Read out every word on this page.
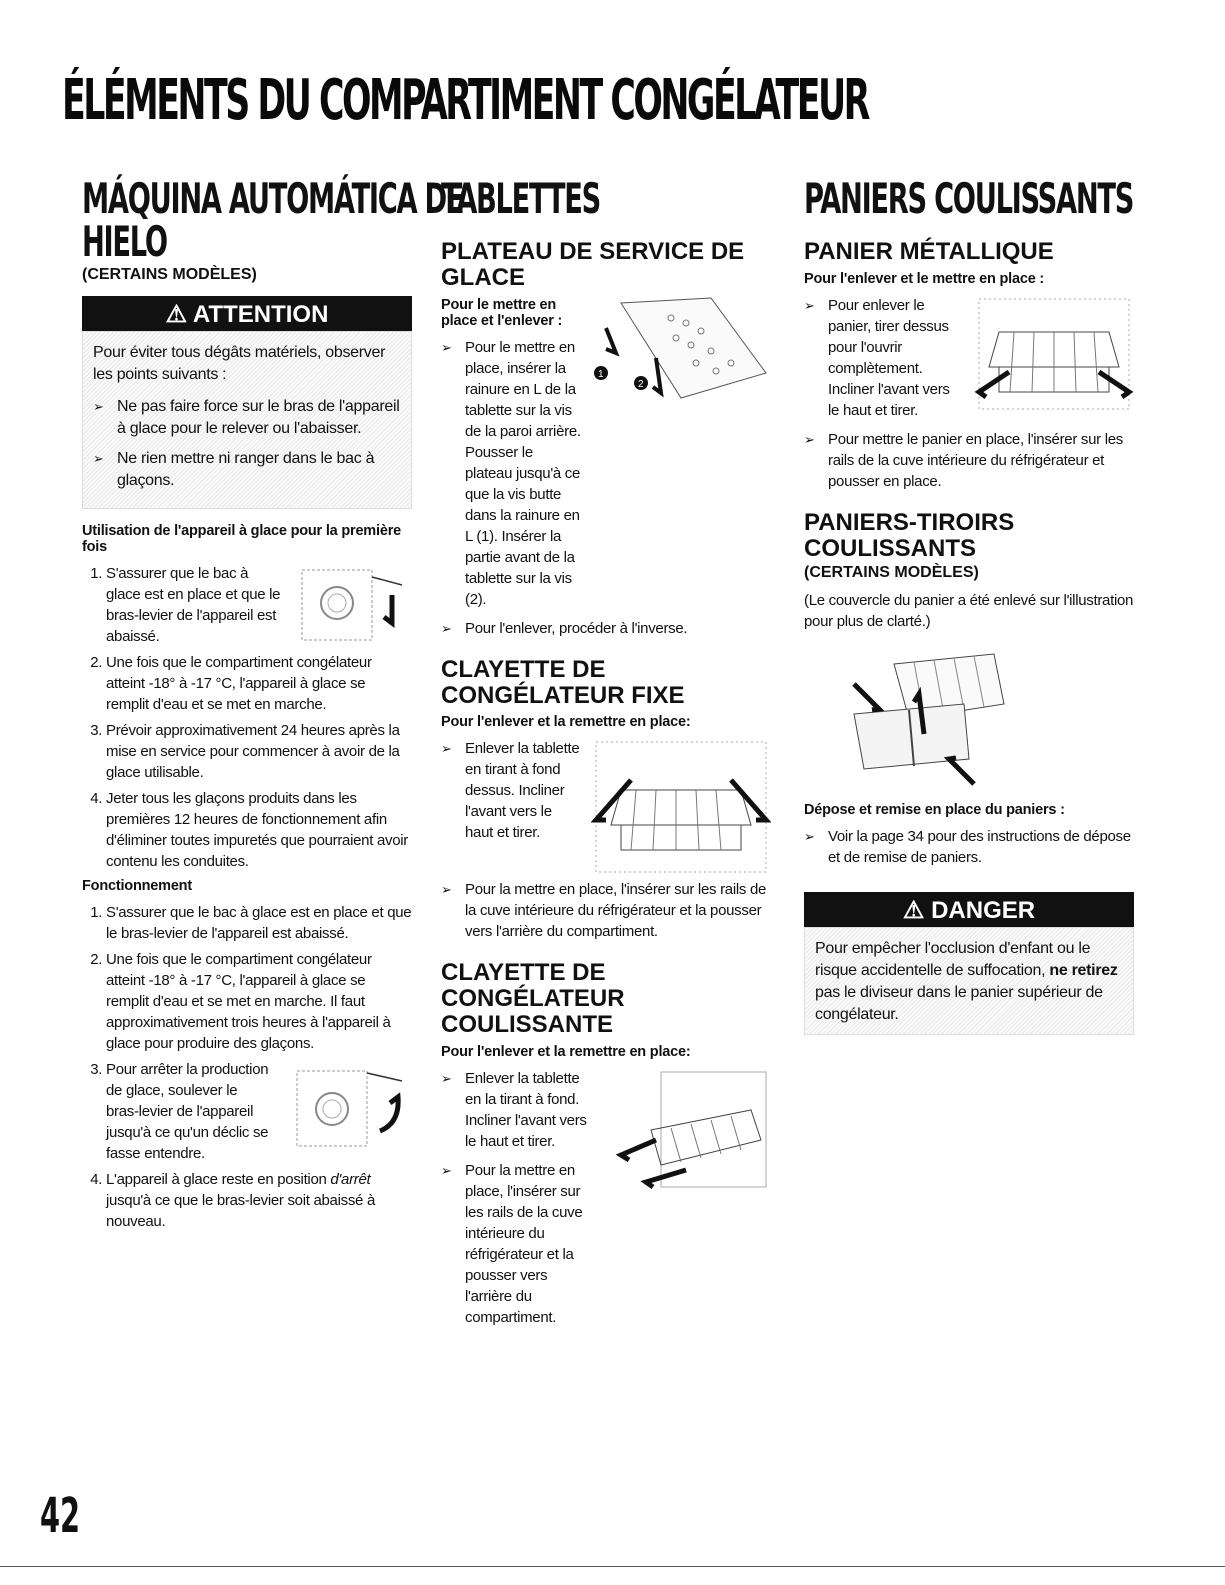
ÉLÉMENTS DU COMPARTIMENT CONGÉLATEUR
MÁQUINA AUTOMÁTICA DE
HIELO
(CERTAINS MODÈLES)
⚠ ATTENTION

Pour éviter tous dégâts matériels, observer les points suivants :

➢ Ne pas faire force sur le bras de l'appareil à glace pour le relever ou l'abaisser.

➢ Ne rien mettre ni ranger dans le bac à glaçons.

Utilisation de l'appareil à glace pour la première fois
1. S'assurer que le bac à glace est en place et que le bras-levier de l'appareil est abaissé.
2. Une fois que le compartiment congélateur atteint -18° à -17 °C, l'appareil à glace se remplit d'eau et se met en marche.
3. Prévoir approximativement 24 heures après la mise en service pour commencer à avoir de la glace utilisable.
4. Jeter tous les glaçons produits dans les premières 12 heures de fonctionnement afin d'éliminer toutes impuretés que pourraient avoir contenu les conduites.
Fonctionnement
1. S'assurer que le bac à glace est en place et que le bras-levier de l'appareil est abaissé.
2. Une fois que le compartiment congélateur atteint -18° à -17 °C, l'appareil à glace se remplit d'eau et se met en marche. Il faut approximativement trois heures à l'appareil à glace pour produire des glaçons.
3. Pour arrêter la production de glace, soulever le bras-levier de l'appareil jusqu'à ce qu'un déclic se fasse entendre.
4. L'appareil à glace reste en position d'arrêt jusqu'à ce que le bras-levier soit abaissé à nouveau.
TABLETTES
PLATEAU DE SERVICE DE GLACE
1
2
Pour le mettre en place et l'enlever :
➢ Pour le mettre en place, insérer la rainure en L de la tablette sur la vis de la paroi arrière. Pousser le plateau jusqu'à ce que la vis butte dans la rainure en L (1). Insérer la partie avant de la tablette sur la vis (2).

➢ Pour l'enlever, procéder à l'inverse.

CLAYETTE DE CONGÉLATEUR FIXE
Pour l'enlever et la remettre en place:
➢ Enlever la tablette en tirant à fond dessus. Incliner l'avant vers le haut et tirer.

➢ Pour la mettre en place, l'insérer sur les rails de la cuve intérieure du réfrigérateur et la pousser vers l'arrière du compartiment.

CLAYETTE DE CONGÉLATEUR COULISSANTE
Pour l'enlever et la remettre en place:
➢ Enlever la tablette en la tirant à fond. Incliner l'avant vers le haut et tirer.

➢ Pour la mettre en place, l'insérer sur les rails de la cuve intérieure du réfrigérateur et la pousser vers l'arrière du compartiment.

PANIERS COULISSANTS
PANIER MÉTALLIQUE
Pour l'enlever et le mettre en place :
➢ Pour enlever le panier, tirer dessus pour l'ouvrir complètement. Incliner l'avant vers le haut et tirer.

➢ Pour mettre le panier en place, l'insérer sur les rails de la cuve intérieure du réfrigérateur et pousser en place.

PANIERS-TIROIRS COULISSANTS
(CERTAINS MODÈLES)

(Le couvercle du panier a été enlevé sur l'illustration pour plus de clarté.)

Dépose et remise en place du paniers :
➢ Voir la page 34 pour des instructions de dépose et de remise de paniers.

⚠ DANGER

Pour empêcher l'occlusion d'enfant ou le risque accidentelle de suffocation, ne retirez pas le diviseur dans le panier supérieur de congélateur.

42
